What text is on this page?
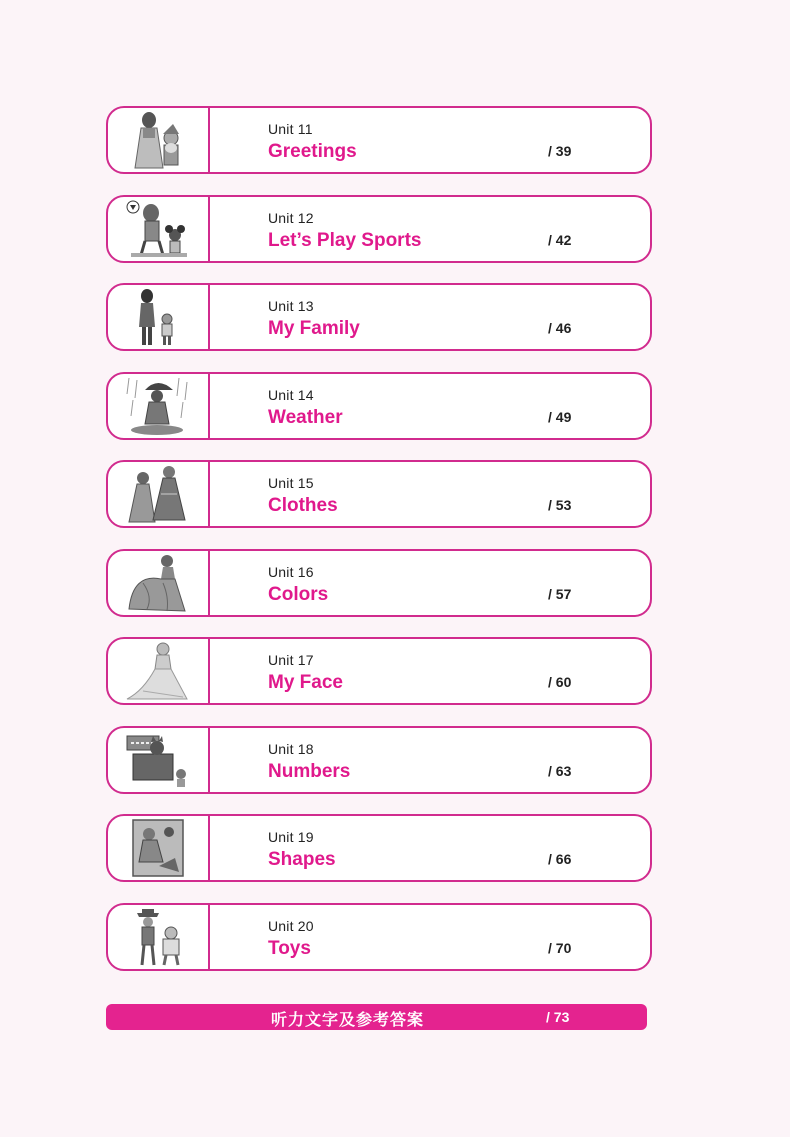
Unit 11
Greetings	/ 39
Unit 12
Let’s Play Sports	/ 42
Unit 13
My Family	/ 46
Unit 14
Weather	/ 49
Unit 15
Clothes	/ 53
Unit 16
Colors	/ 57
Unit 17
My Face	/ 60
Unit 18
Numbers	/ 63
Unit 19
Shapes	/ 66
Unit 20
Toys	/ 70
听力文字及参考答案	/ 73
